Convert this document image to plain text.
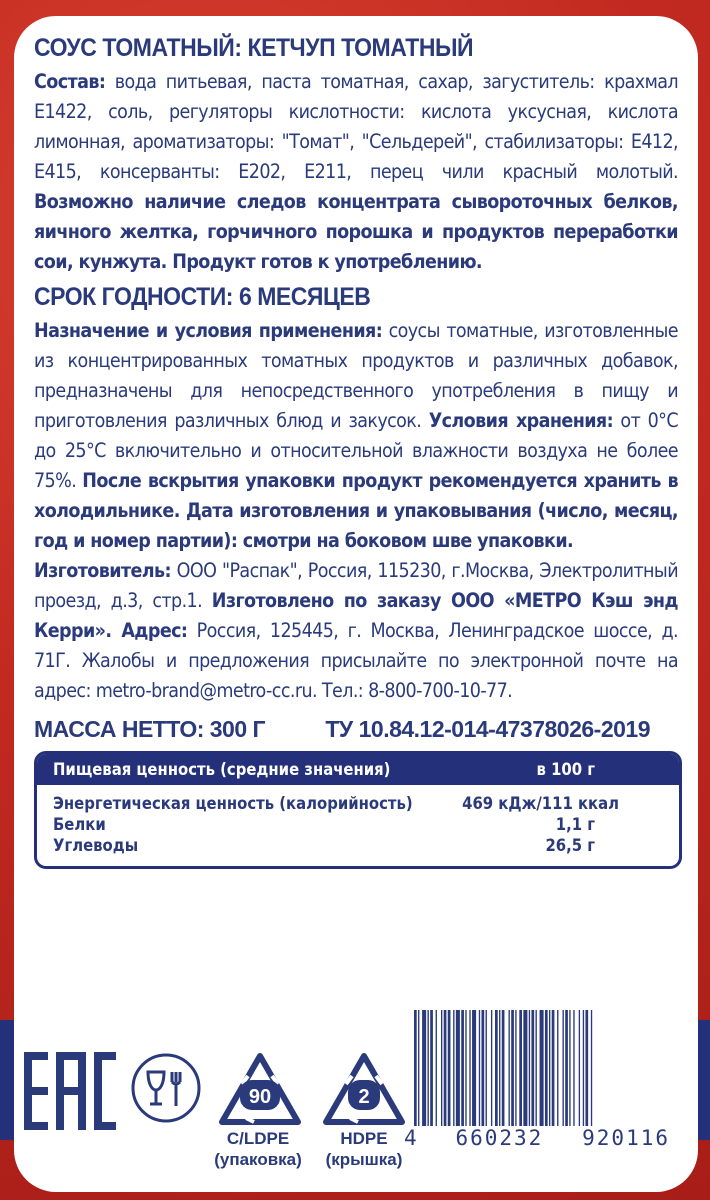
СОУС ТОМАТНЫЙ: КЕТЧУП ТОМАТНЫЙ

Состав: вода питьевая, паста томатная, сахар, загуститель: крахмал Е1422, соль, регуляторы кислотности: кислота уксусная, кислота лимонная, ароматизаторы: "Томат", "Сельдерей", стабилизаторы: Е412, Е415, консерванты: Е202, Е211, перец чили красный молотый. Возможно наличие следов концентрата сывороточных белков, яичного желтка, горчичного порошка и продуктов переработки сои, кунжута. Продукт готов к употреблению.

СРОК ГОДНОСТИ: 6 МЕСЯЦЕВ

Назначение и условия применения: соусы томатные, изготовленные из концентрированных томатных продуктов и различных добавок, предназначены для непосредственного употребления в пищу и приготовления различных блюд и закусок. Условия хранения: от 0°С до 25°С включительно и относительной влажности воздуха не более 75%. После вскрытия упаковки продукт рекомендуется хранить в холодильнике. Дата изготовления и упаковывания (число, месяц, год и номер партии): смотри на боковом шве упаковки.

Изготовитель: ООО "Распак", Россия, 115230, г.Москва, Электролитный проезд, д.3, стр.1. Изготовлено по заказу ООО «МЕТРО Кэш энд Керри». Адрес: Россия, 125445, г. Москва, Ленинградское шоссе, д. 71Г. Жалобы и предложения присылайте по электронной почте на адрес: metro-brand@metro-cc.ru. Тел.: 8-800-700-10-77.

МАССА НЕТТО: 300 Г	ТУ 10.84.12-014-47378026-2019
Пищевая ценность (средние значения)	в 100 г
Энергетическая ценность (калорийность)	469 кДж/111 ккал
Белки	1,1 г
Углеводы	26,5 г
90
C/LDPE
(упаковка)
2
HDPE
(крышка)
4 660232 920116
